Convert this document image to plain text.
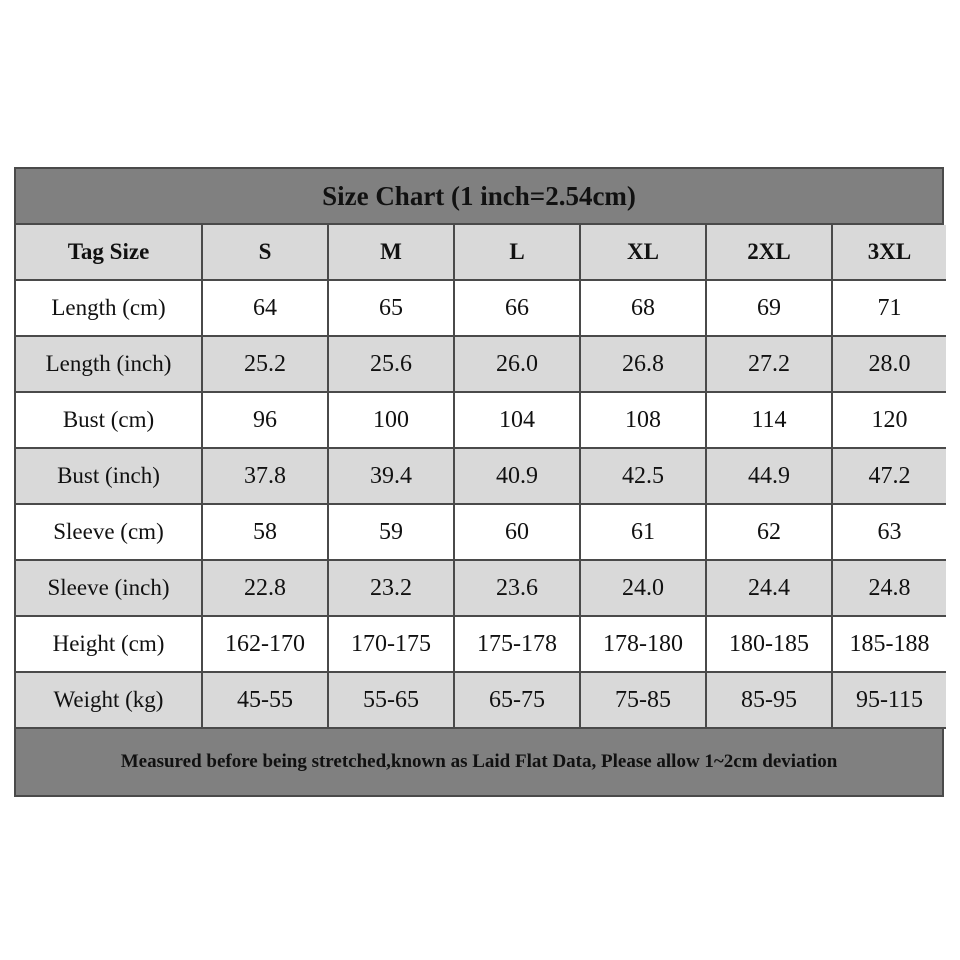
Size Chart (1 inch=2.54cm)
Tag Size	S	M	L	XL	2XL	3XL
Length (cm)	64	65	66	68	69	71
Length (inch)	25.2	25.6	26.0	26.8	27.2	28.0
Bust (cm)	96	100	104	108	114	120
Bust (inch)	37.8	39.4	40.9	42.5	44.9	47.2
Sleeve (cm)	58	59	60	61	62	63
Sleeve (inch)	22.8	23.2	23.6	24.0	24.4	24.8
Height (cm)	162-170	170-175	175-178	178-180	180-185	185-188
Weight (kg)	45-55	55-65	65-75	75-85	85-95	95-115
Measured before being stretched,known as Laid Flat Data, Please allow 1~2cm deviation
